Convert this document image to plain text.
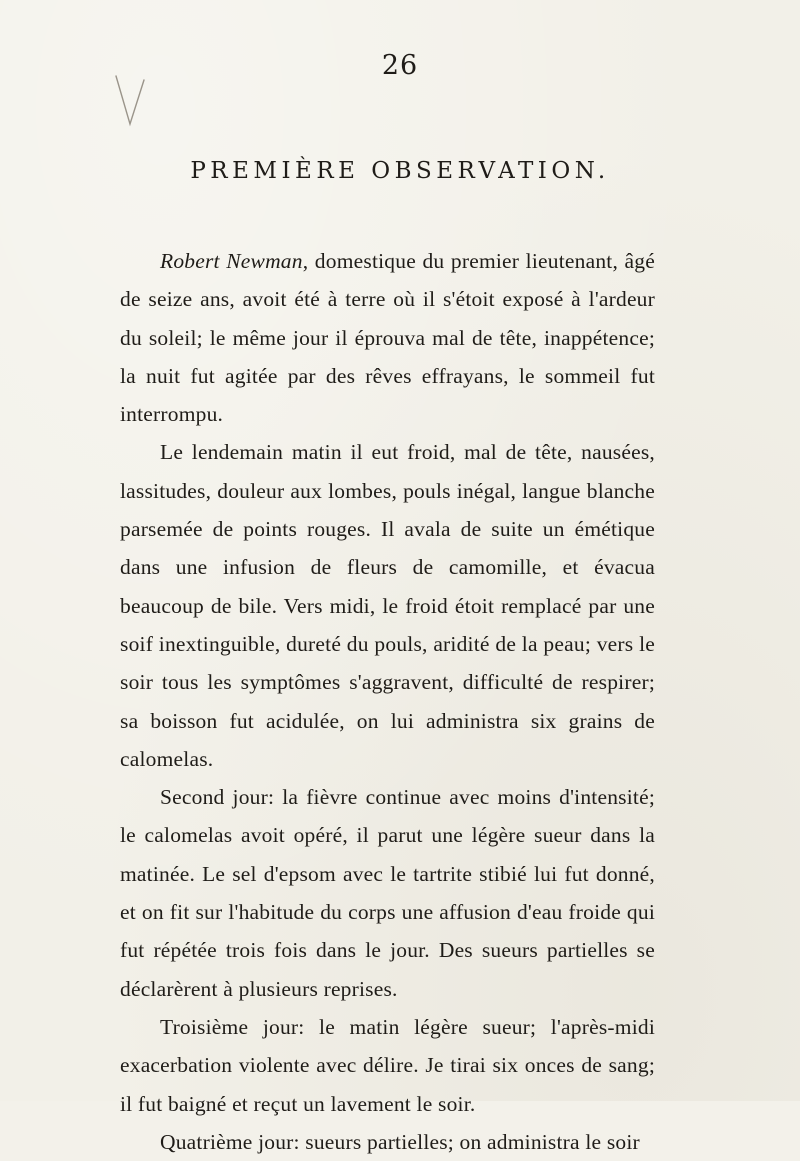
26
PREMIÈRE OBSERVATION.

Robert Newman, domestique du premier lieutenant, âgé de seize ans, avoit été à terre où il s'étoit exposé à l'ardeur du soleil; le même jour il éprouva mal de tête, inappétence; la nuit fut agitée par des rêves effrayans, le sommeil fut interrompu.

Le lendemain matin il eut froid, mal de tête, nausées, lassitudes, douleur aux lombes, pouls inégal, langue blanche parsemée de points rouges. Il avala de suite un émétique dans une infusion de fleurs de camomille, et évacua beaucoup de bile. Vers midi, le froid étoit remplacé par une soif inextinguible, dureté du pouls, aridité de la peau; vers le soir tous les symptômes s'aggravent, difficulté de respirer; sa boisson fut acidulée, on lui administra six grains de calomelas.

Second jour: la fièvre continue avec moins d'intensité; le calomelas avoit opéré, il parut une légère sueur dans la matinée. Le sel d'epsom avec le tartrite stibié lui fut donné, et on fit sur l'habitude du corps une affusion d'eau froide qui fut répétée trois fois dans le jour. Des sueurs partielles se déclarèrent à plusieurs reprises.

Troisième jour: le matin légère sueur; l'après-midi exacerbation violente avec délire. Je tirai six onces de sang; il fut baigné et reçut un lavement le soir.

Quatrième jour: sueurs partielles; on administra le soir
